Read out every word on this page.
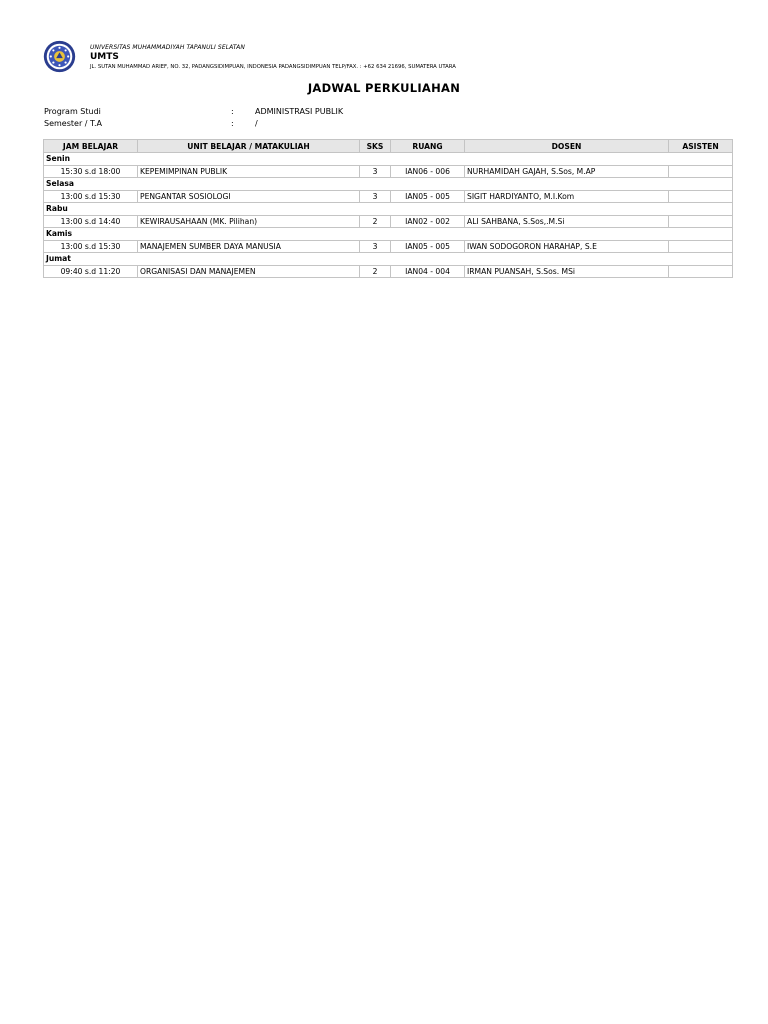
UNIVERSITAS MUHAMMADIYAH TAPANULI SELATAN
UMTS
JL. SUTAN MUHAMMAD ARIEF, NO. 32, PADANGSIDIMPUAN, INDONESIA PADANGSIDIMPUAN TELP/FAX. : +62 634 21696, SUMATERA UTARA
JADWAL PERKULIAHAN
Program Studi	:	ADMINISTRASI PUBLIK
Semester / T.A	:	/
JAM BELAJAR	UNIT BELAJAR / MATAKULIAH	SKS	RUANG	DOSEN	ASISTEN
Senin					
15:30 s.d 18:00	KEPEMIMPINAN PUBLIK	3	IAN06 - 006	NURHAMIDAH GAJAH, S.Sos, M.AP	
Selasa					
13:00 s.d 15:30	PENGANTAR SOSIOLOGI	3	IAN05 - 005	SIGIT HARDIYANTO, M.I.Kom	
Rabu					
13:00 s.d 14:40	KEWIRAUSAHAAN (MK. Pilihan)	2	IAN02 - 002	ALI SAHBANA, S.Sos,.M.Si	
Kamis					
13:00 s.d 15:30	MANAJEMEN SUMBER DAYA MANUSIA	3	IAN05 - 005	IWAN SODOGORON HARAHAP, S.E	
Jumat					
09:40 s.d 11:20	ORGANISASI DAN MANAJEMEN	2	IAN04 - 004	IRMAN PUANSAH, S.Sos. MSi	
